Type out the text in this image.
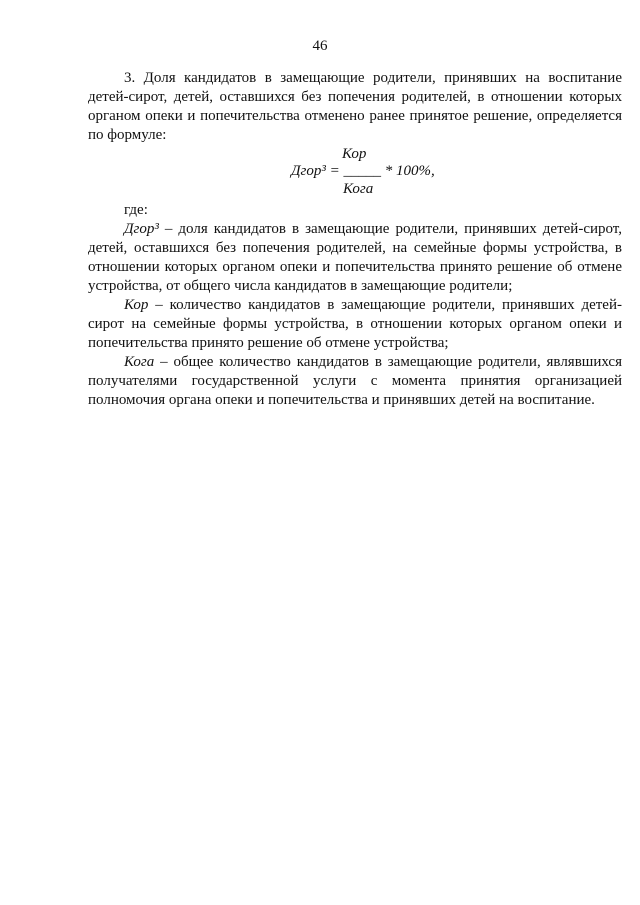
46

3. Доля кандидатов в замещающие родители, принявших на воспитание детей-сирот, детей, оставшихся без попечения родителей, в отношении которых органом опеки и попечительства отменено ранее принятое решение, определяется по формуле:

Кор
Дгор³ = _____ * 100%,
Кога

где:

Дгор³ – доля кандидатов в замещающие родители, принявших детей-сирот, детей, оставшихся без попечения родителей, на семейные формы устройства, в отношении которых органом опеки и попечительства принято решение об отмене устройства, от общего числа кандидатов в замещающие родители;

Кор – количество кандидатов в замещающие родители, принявших детей-сирот на семейные формы устройства, в отношении которых органом опеки и попечительства принято решение об отмене устройства;

Кога – общее количество кандидатов в замещающие родители, являвшихся получателями государственной услуги с момента принятия организацией полномочия органа опеки и попечительства и принявших детей на воспитание.
